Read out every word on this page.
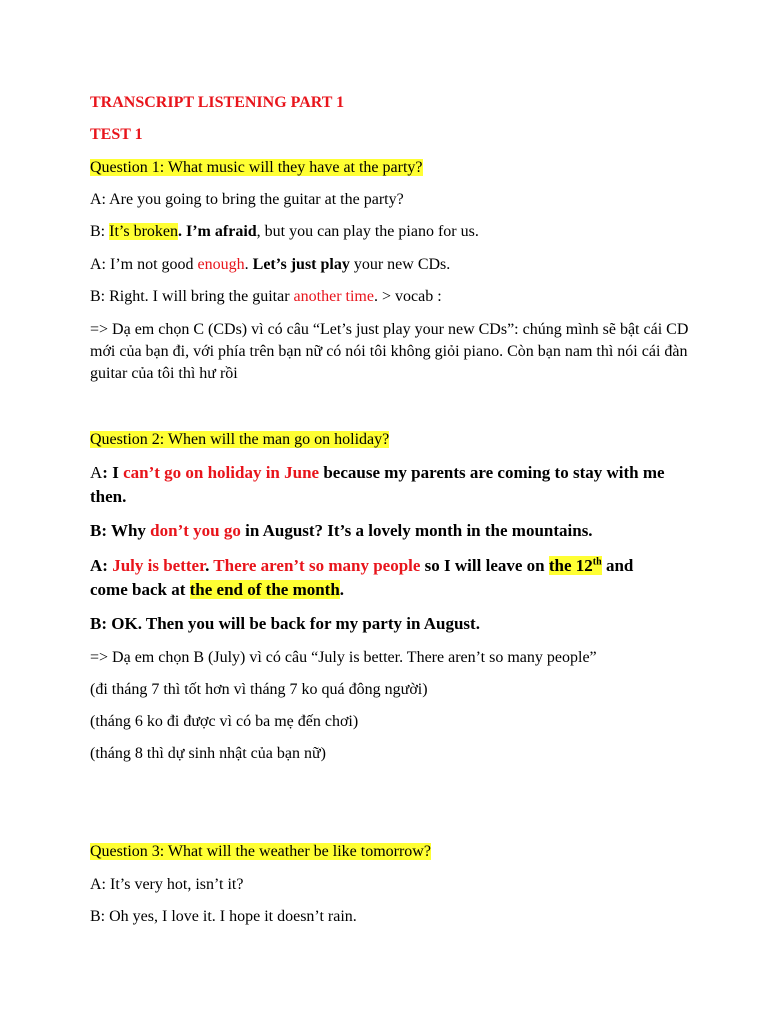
TRANSCRIPT LISTENING PART 1
TEST 1
Question 1: What music will they have at the party?
A: Are you going to bring the guitar at the party?
B: It’s broken. I’m afraid, but you can play the piano for us.
A: I’m not good enough. Let’s just play your new CDs.
B: Right. I will bring the guitar another time. > vocab :
=> Dạ em chọn C (CDs) vì có câu “Let’s just play your new CDs”: chúng mình sẽ bật cái CD mới của bạn đi, với phía trên bạn nữ có nói tôi không giỏi piano. Còn bạn nam thì nói cái đàn guitar của tôi thì hư rồi
Question 2: When will the man go on holiday?
A: I can’t go on holiday in June because my parents are coming to stay with me then.
B: Why don’t you go in August? It’s a lovely month in the mountains.
A: July is better. There aren’t so many people so I will leave on the 12th and come back at the end of the month.
B: OK. Then you will be back for my party in August.
=> Dạ em chọn B (July) vì có câu “July is better. There aren’t so many people”
(đi tháng 7 thì tốt hơn vì tháng 7 ko quá đông người)
(tháng 6 ko đi được vì có ba mẹ đến chơi)
(tháng 8 thì dự sinh nhật của bạn nữ)
Question 3: What will the weather be like tomorrow?
A: It’s very hot, isn’t it?
B: Oh yes, I love it. I hope it doesn’t rain.
